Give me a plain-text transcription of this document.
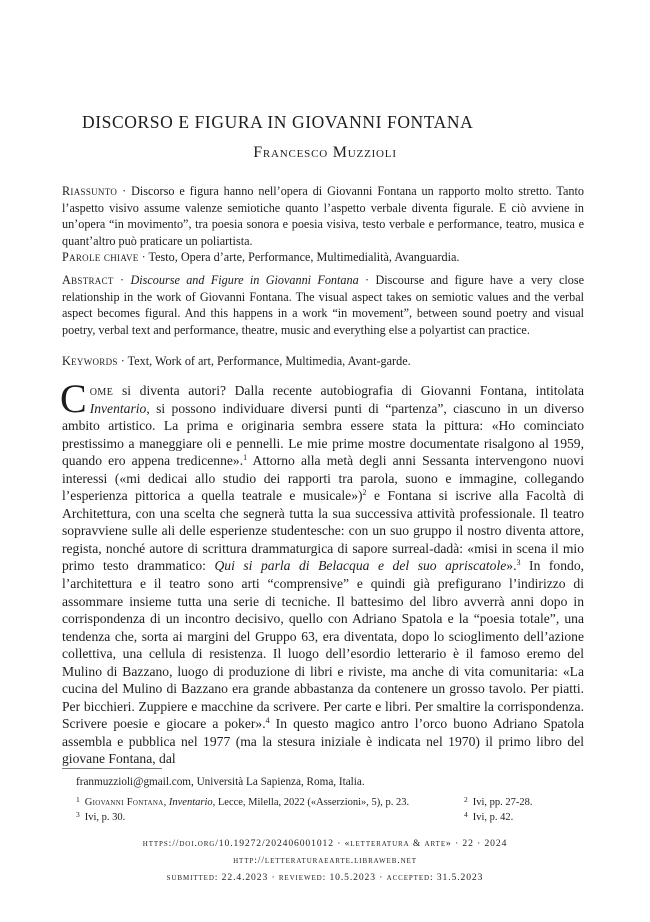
DISCORSO E FIGURA IN GIOVANNI FONTANA
Francesco Muzzioli
Riassunto · Discorso e figura hanno nell’opera di Giovanni Fontana un rapporto molto stretto. Tanto l’aspetto visivo assume valenze semiotiche quanto l’aspetto verbale diventa figurale. E ciò avviene in un’opera “in movimento”, tra poesia sonora e poesia visiva, testo verbale e performance, teatro, musica e quant’altro può praticare un poliartista.
Parole chiave · Testo, Opera d’arte, Performance, Multimedialità, Avanguardia.
Abstract · Discourse and Figure in Giovanni Fontana · Discourse and figure have a very close relationship in the work of Giovanni Fontana. The visual aspect takes on semiotic values and the verbal aspect becomes figural. And this happens in a work “in movement”, between sound poetry and visual poetry, verbal text and performance, theatre, music and everything else a polyartist can practice.
Keywords · Text, Work of art, Performance, Multimedia, Avant-garde.
Come si diventa autori? Dalla recente autobiografia di Giovanni Fontana, intitolata Inventario, si possono individuare diversi punti di “partenza”, ciascuno in un diverso ambito artistico. La prima e originaria sembra essere stata la pittura: «Ho cominciato prestissimo a maneggiare oli e pennelli. Le mie prime mostre documentate risalgono al 1959, quando ero appena tredicenne».$^1$ Attorno alla metà degli anni Sessanta intervengono nuovi interessi («mi dedicai allo studio dei rapporti tra parola, suono e immagine, collegando l’esperienza pittorica a quella teatrale e musicale»)$^2$ e Fontana si iscrive alla Facoltà di Architettura, con una scelta che segnerà tutta la sua successiva attività professionale. Il teatro sopravviene sulle ali delle esperienze studentesche: con un suo gruppo il nostro diventa attore, regista, nonché autore di scrittura drammaturgica di sapore surreal-dadà: «misi in scena il mio primo testo drammatico: Qui si parla di Belacqua e del suo apriscatole».$^3$ In fondo, l’architettura e il teatro sono arti “comprensive” e quindi già prefigurano l’indirizzo di assommare insieme tutta una serie di tecniche. Il battesimo del libro avverrà anni dopo in corrispondenza di un incontro decisivo, quello con Adriano Spatola e la “poesia totale”, una tendenza che, sorta ai margini del Gruppo 63, era diventata, dopo lo scioglimento dell’azione collettiva, una cellula di resistenza. Il luogo dell’esordio letterario è il famoso eremo del Mulino di Bazzano, luogo di produzione di libri e riviste, ma anche di vita comunitaria: «La cucina del Mulino di Bazzano era grande abbastanza da contenere un grosso tavolo. Per piatti. Per bicchieri. Zuppiere e macchine da scrivere. Per carte e libri. Per smaltire la corrispondenza. Scrivere poesie e giocare a poker».$^4$ In questo magico antro l’orco buono Adriano Spatola assembla e pubblica nel 1977 (ma la stesura iniziale è indicata nel 1970) il primo libro del giovane Fontana, dal
franmuzzioli@gmail.com, Università La Sapienza, Roma, Italia.
$^1$ Giovanni Fontana, Inventario, Lecce, Milella, 2022 («Asserzioni», 5), p. 23.	$^2$ Ivi, pp. 27-28.
$^3$ Ivi, p. 30.	$^4$ Ivi, p. 42.
https://doi.org/10.19272/202406001012 · «letteratura & arte» · 22 · 2024
http://letteraturaearte.libraweb.net
submitted: 22.4.2023 · reviewed: 10.5.2023 · accepted: 31.5.2023
